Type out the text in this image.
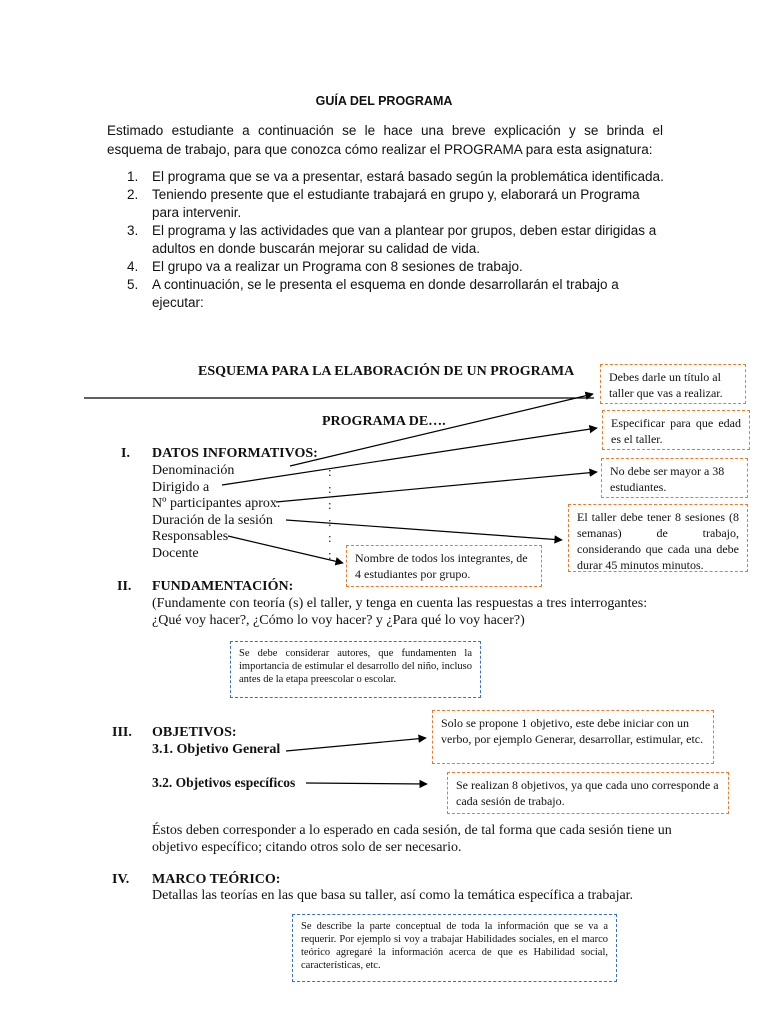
GUÍA DEL PROGRAMA
Estimado estudiante a continuación se le hace una breve explicación y se brinda el esquema de trabajo, para que conozca cómo realizar el PROGRAMA para esta asignatura:
1. El programa que se va a presentar, estará basado según la problemática identificada.
2. Teniendo presente que el estudiante trabajará en grupo y, elaborará un Programa para intervenir.
3. El programa y las actividades que van a plantear por grupos, deben estar dirigidas a adultos en donde buscarán mejorar su calidad de vida.
4. El grupo va a realizar un Programa con 8 sesiones de trabajo.
5. A continuación, se le presenta el esquema en donde desarrollarán el trabajo a ejecutar:
ESQUEMA PARA LA ELABORACIÓN DE UN PROGRAMA
PROGRAMA DE….
I. DATOS INFORMATIVOS:
Denominación
Dirigido a
Nº participantes aprox.
Duración de la sesión
Responsables
Docente
:
:
:
:
:
:
II. FUNDAMENTACIÓN:
(Fundamente con teoría (s) el taller, y tenga en cuenta las respuestas a tres interrogantes: ¿Qué voy hacer?, ¿Cómo lo voy hacer? y ¿Para qué lo voy hacer?)
III. OBJETIVOS:
3.1. Objetivo General
3.2. Objetivos específicos
Éstos deben corresponder a lo esperado en cada sesión, de tal forma que cada sesión tiene un objetivo específico; citando otros solo de ser necesario.
IV. MARCO TEÓRICO:
Detallas las teorías en las que basa su taller, así como la temática específica a trabajar.
Debes darle un título al taller que vas a realizar.
Especificar para que edad es el taller.
No debe ser mayor a 38 estudiantes.
El taller debe tener 8 sesiones (8 semanas) de trabajo, considerando que cada una debe durar 45 minutos minutos.
Nombre de todos los integrantes, de 4 estudiantes por grupo.
Solo se propone 1 objetivo, este debe iniciar con un verbo, por ejemplo Generar, desarrollar, estimular, etc.
Se realizan 8 objetivos, ya que cada uno corresponde a cada sesión de trabajo.
Se debe considerar autores, que fundamenten la importancia de estimular el desarrollo del niño, incluso antes de la etapa preescolar o escolar.
Se describe la parte conceptual de toda la información que se va a requerir. Por ejemplo si voy a trabajar Habilidades sociales, en el marco teórico agregaré la información acerca de que es Habilidad social, características, etc.
